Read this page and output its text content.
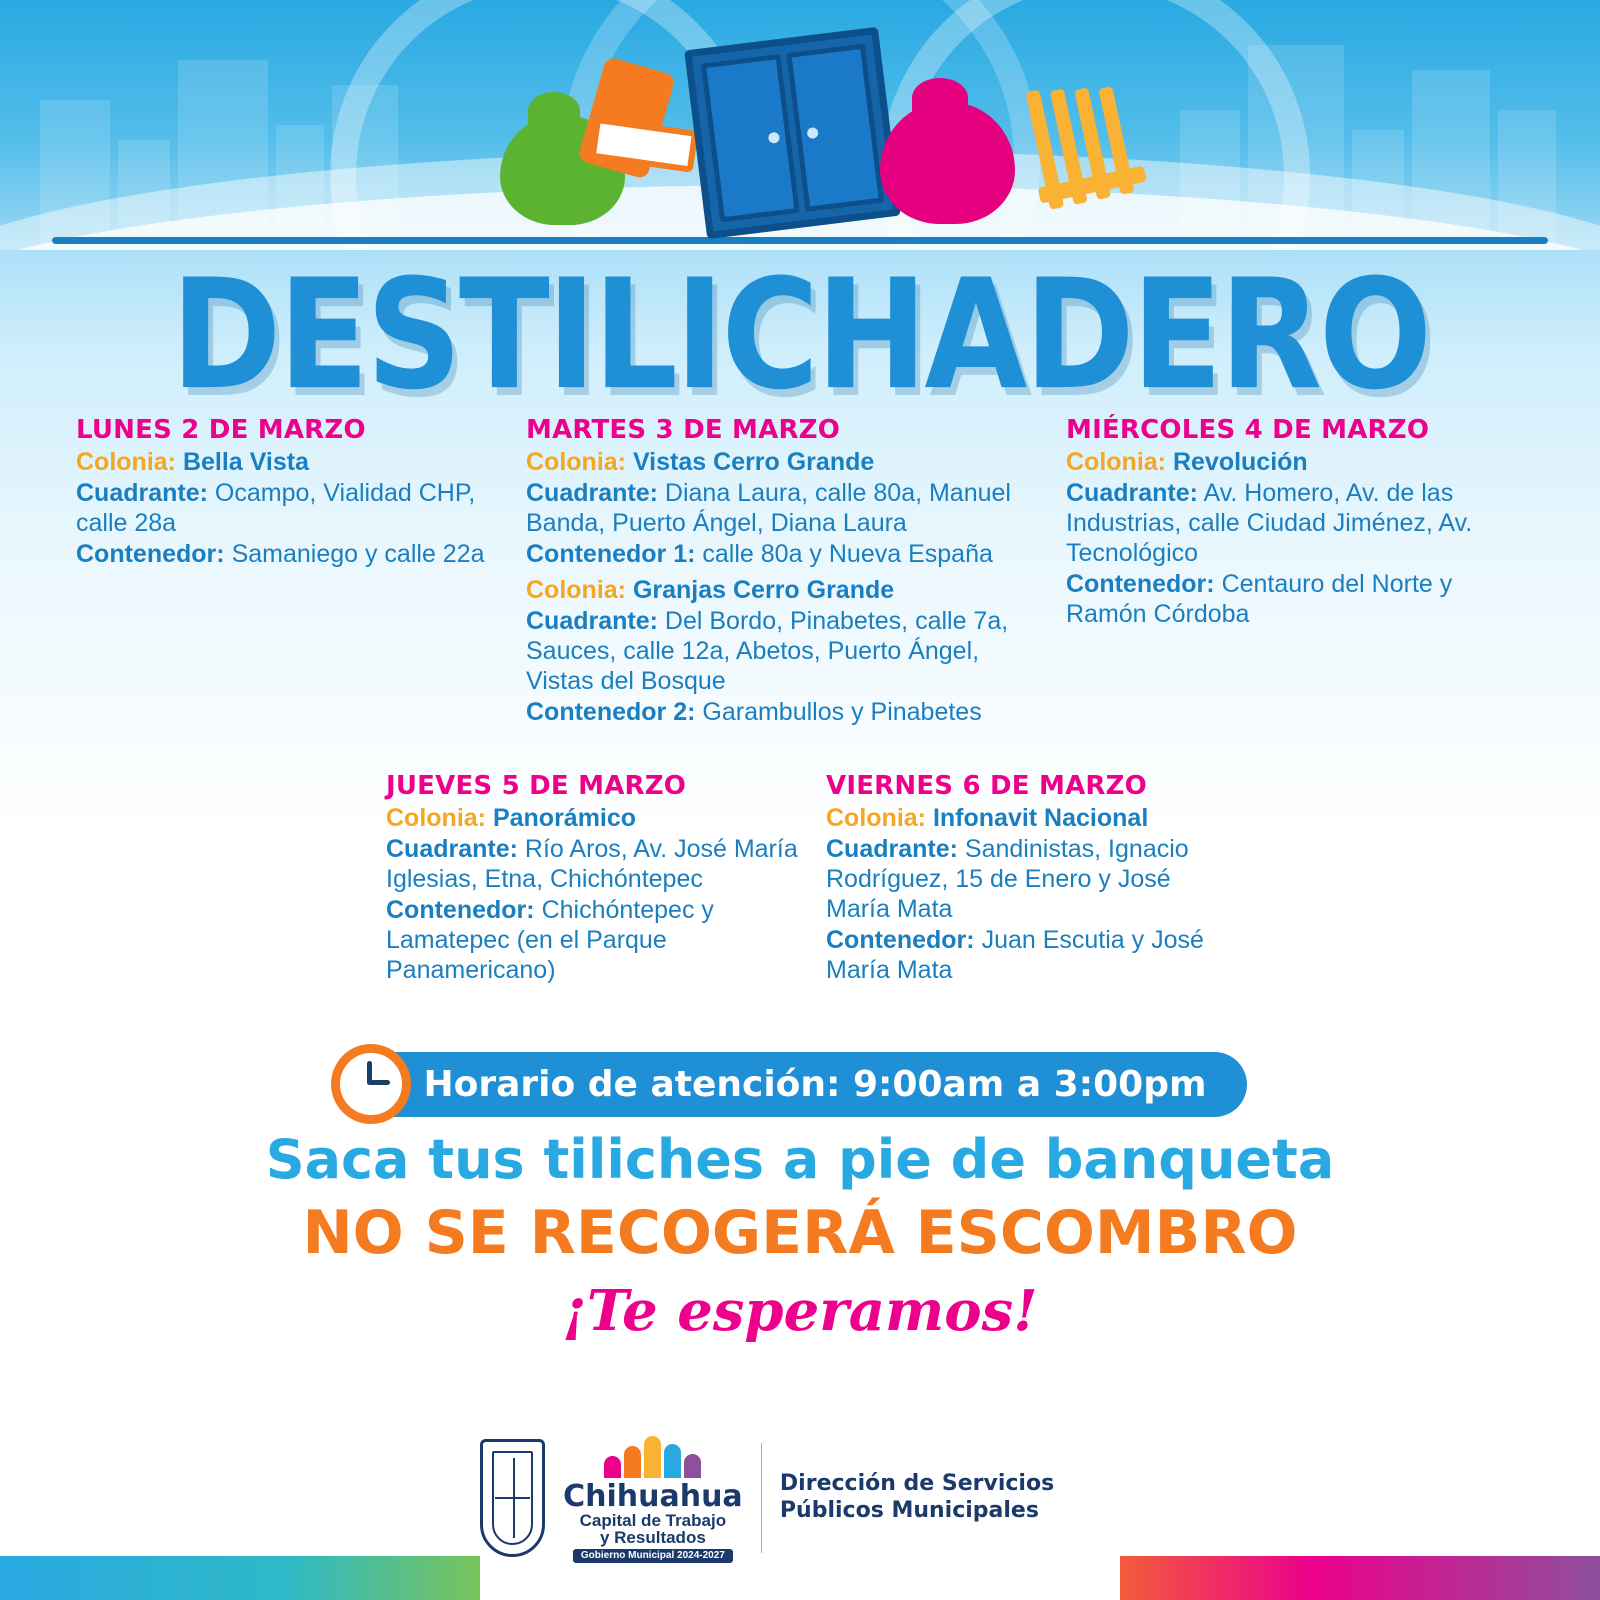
DESTILICHADERO
LUNES 2 DE MARZO
Colonia: Bella Vista
Cuadrante: Ocampo, Vialidad CHP, calle 28a
Contenedor: Samaniego y calle 22a
MARTES 3 DE MARZO
Colonia: Vistas Cerro Grande
Cuadrante: Diana Laura, calle 80a, Manuel Banda, Puerto Ángel, Diana Laura
Contenedor 1: calle 80a y Nueva España
Colonia: Granjas Cerro Grande
Cuadrante: Del Bordo, Pinabetes, calle 7a, Sauces, calle 12a, Abetos, Puerto Ángel, Vistas del Bosque
Contenedor 2: Garambullos y Pinabetes
MIÉRCOLES 4 DE MARZO
Colonia: Revolución
Cuadrante: Av. Homero, Av. de las Industrias, calle Ciudad Jiménez, Av. Tecnológico
Contenedor: Centauro del Norte y Ramón Córdoba
JUEVES 5 DE MARZO
Colonia: Panorámico
Cuadrante: Río Aros, Av. José María Iglesias, Etna, Chichóntepec
Contenedor: Chichóntepec y Lamatepec (en el Parque Panamericano)
VIERNES 6 DE MARZO
Colonia: Infonavit Nacional
Cuadrante: Sandinistas, Ignacio Rodríguez, 15 de Enero y José María Mata
Contenedor: Juan Escutia y José María Mata
Horario de atención: 9:00am a 3:00pm
Saca tus tiliches a pie de banqueta
NO SE RECOGERÁ ESCOMBRO
¡Te esperamos!
Chihuahua
Capital de Trabajo
y Resultados
Gobierno Municipal 2024-2027
Dirección de Servicios Públicos Municipales
